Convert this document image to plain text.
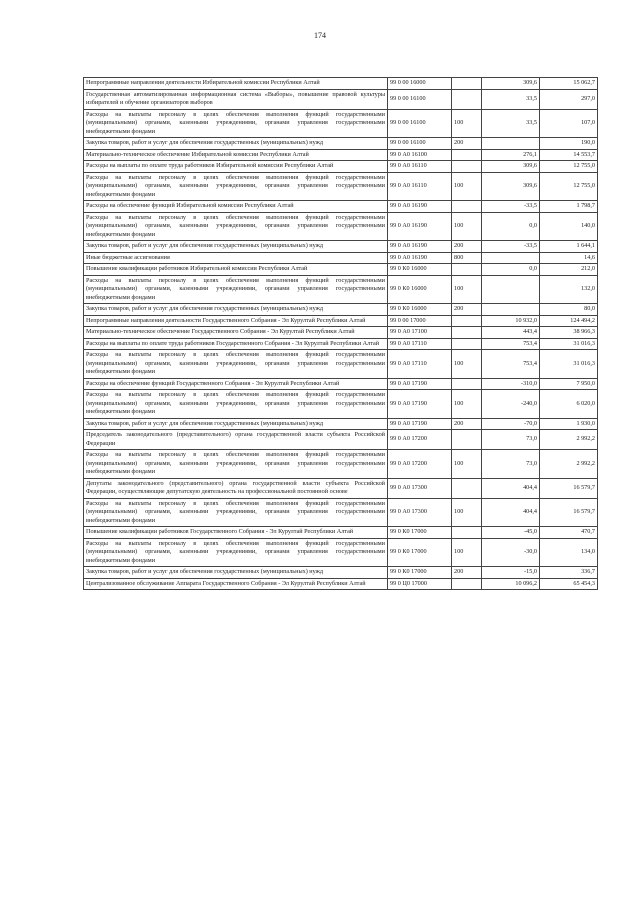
174
Непрограммные направления деятельности Избирательной комиссии Республики Алтай	99 0 00 16000		309,6	15 062,7
Государственная автоматизированная информационная система «Выборы», повышение правовой культуры избирателей и обучение организаторов выборов	99 0 00 16100		33,5	297,0
Расходы на выплаты персоналу в целях обеспечения выполнения функций государственными (муниципальными) органами, казенными учреждениями, органами управления государственными внебюджетными фондами	99 0 00 16100	100	33,5	107,0
Закупка товаров, работ и услуг для обеспечения государственных (муниципальных) нужд	99 0 00 16100	200		190,0
Материально-техническое обеспечение Избирательной комиссии Республики Алтай	99 0 А0 16100		276,1	14 553,7
Расходы на выплаты по оплате труда работников Избирательной комиссии Республики Алтай	99 0 А0 16110		309,6	12 755,0
Расходы на выплаты персоналу в целях обеспечения выполнения функций государственными (муниципальными) органами, казенными учреждениями, органами управления государственными внебюджетными фондами	99 0 А0 16110	100	309,6	12 755,0
Расходы на обеспечение функций Избирательной комиссии Республики Алтай	99 0 А0 16190		-33,5	1 798,7
Расходы на выплаты персоналу в целях обеспечения выполнения функций государственными (муниципальными) органами, казенными учреждениями, органами управления государственными внебюджетными фондами	99 0 А0 16190	100	0,0	140,0
Закупка товаров, работ и услуг для обеспечения государственных (муниципальных) нужд	99 0 А0 16190	200	-33,5	1 644,1
Иные бюджетные ассигнования	99 0 А0 16190	800		14,6
Повышение квалификации работников Избирательной комиссии Республики Алтай	99 0 К0 16000		0,0	212,0
Расходы на выплаты персоналу в целях обеспечения выполнения функций государственными (муниципальными) органами, казенными учреждениями, органами управления государственными внебюджетными фондами	99 0 К0 16000	100		132,0
Закупка товаров, работ и услуг для обеспечения государственных (муниципальных) нужд	99 0 К0 16000	200		80,0
Непрограммные направления деятельности Государственного Собрания - Эл Курултай Республики Алтай	99 0 00 17000		10 932,0	124 494,2
Материально-техническое обеспечение Государственного Собрания - Эл Курултай Республики Алтай	99 0 А0 17100		443,4	38 966,3
Расходы на выплаты по оплате труда работников Государственного Собрания - Эл Курултай Республики Алтай	99 0 А0 17110		753,4	31 016,3
Расходы на выплаты персоналу в целях обеспечения выполнения функций государственными (муниципальными) органами, казенными учреждениями, органами управления государственными внебюджетными фондами	99 0 А0 17110	100	753,4	31 016,3
Расходы на обеспечение функций Государственного Собрания - Эл Курултай Республики Алтай	99 0 А0 17190		-310,0	7 950,0
Расходы на выплаты персоналу в целях обеспечения выполнения функций государственными (муниципальными) органами, казенными учреждениями, органами управления государственными внебюджетными фондами	99 0 А0 17190	100	-240,0	6 020,0
Закупка товаров, работ и услуг для обеспечения государственных (муниципальных) нужд	99 0 А0 17190	200	-70,0	1 930,0
Председатель законодательного (представительного) органа государственной власти субъекта Российской Федерации	99 0 А0 17200		73,0	2 992,2
Расходы на выплаты персоналу в целях обеспечения выполнения функций государственными (муниципальными) органами, казенными учреждениями, органами управления государственными внебюджетными фондами	99 0 А0 17200	100	73,0	2 992,2
Депутаты законодательного (представительного) органа государственной власти субъекта Российской Федерации, осуществляющие депутатскую деятельность на профессиональной постоянной основе	99 0 А0 17300		404,4	16 579,7
Расходы на выплаты персоналу в целях обеспечения выполнения функций государственными (муниципальными) органами, казенными учреждениями, органами управления государственными внебюджетными фондами	99 0 А0 17300	100	404,4	16 579,7
Повышение квалификации работников Государственного Собрания - Эл Курултай Республики Алтай	99 0 К0 17000		-45,0	470,7
Расходы на выплаты персоналу в целях обеспечения выполнения функций государственными (муниципальными) органами, казенными учреждениями, органами управления государственными внебюджетными фондами	99 0 К0 17000	100	-30,0	134,0
Закупка товаров, работ и услуг для обеспечения государственных (муниципальных) нужд	99 0 К0 17000	200	-15,0	336,7
Централизованное обслуживание Аппарата Государственного Собрания - Эл Курултай Республики Алтай	99 0 Ц0 17000		10 096,2	65 454,3
